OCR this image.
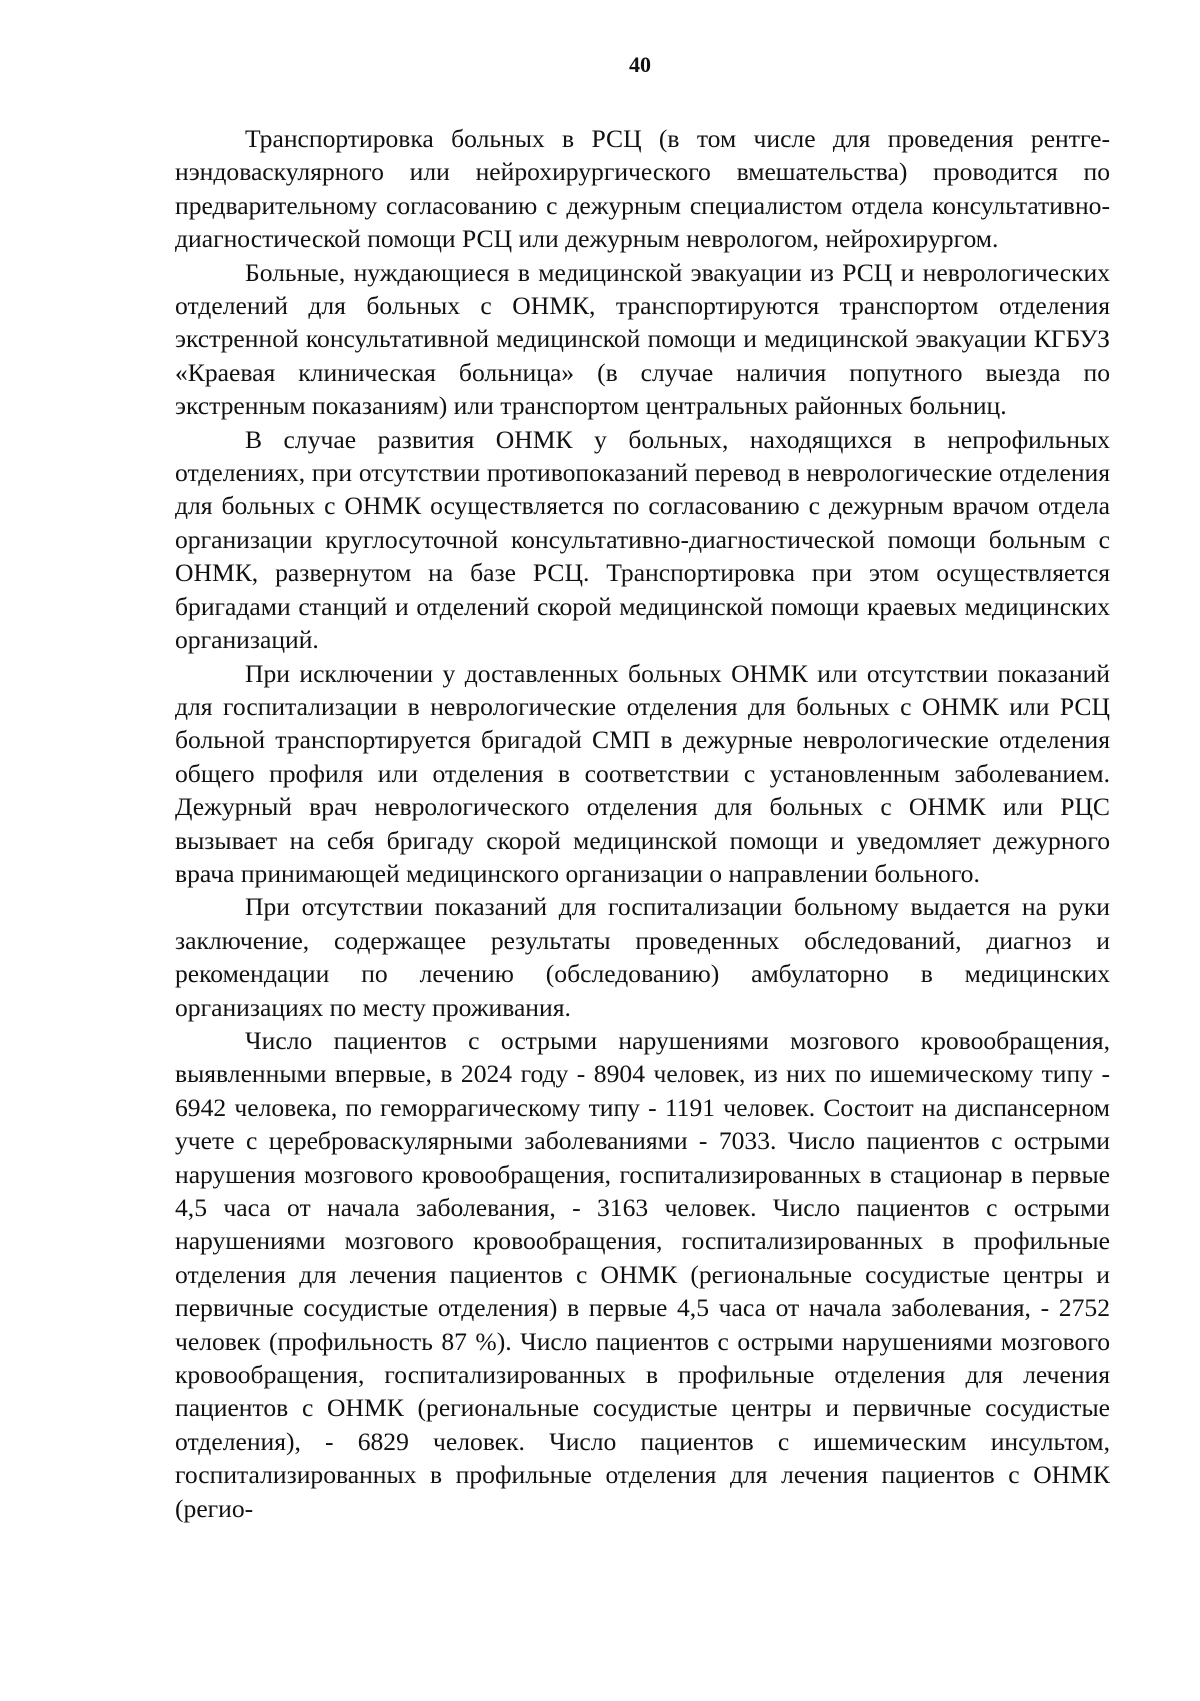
40

Транспортировка больных в РСЦ (в том числе для проведения рентгенэндоваскулярного или нейрохирургического вмешательства) проводится по предварительному согласованию с дежурным специалистом отдела консультативно-диагностической помощи РСЦ или дежурным неврологом, нейрохирургом.

Больные, нуждающиеся в медицинской эвакуации из РСЦ и неврологических отделений для больных с ОНМК, транспортируются транспортом отделения экстренной консультативной медицинской помощи и медицинской эвакуации КГБУЗ «Краевая клиническая больница» (в случае наличия попутного выезда по экстренным показаниям) или транспортом центральных районных больниц.

В случае развития ОНМК у больных, находящихся в непрофильных отделениях, при отсутствии противопоказаний перевод в неврологические отделения для больных с ОНМК осуществляется по согласованию с дежурным врачом отдела организации круглосуточной консультативно-диагностической помощи больным с ОНМК, развернутом на базе РСЦ. Транспортировка при этом осуществляется бригадами станций и отделений скорой медицинской помощи краевых медицинских организаций.

При исключении у доставленных больных ОНМК или отсутствии показаний для госпитализации в неврологические отделения для больных с ОНМК или РСЦ больной транспортируется бригадой СМП в дежурные неврологические отделения общего профиля или отделения в соответствии с установленным заболеванием. Дежурный врач неврологического отделения для больных с ОНМК или РЦС вызывает на себя бригаду скорой медицинской помощи и уведомляет дежурного врача принимающей медицинского организации о направлении больного.

При отсутствии показаний для госпитализации больному выдается на руки заключение, содержащее результаты проведенных обследований, диагноз и рекомендации по лечению (обследованию) амбулаторно в медицинских организациях по месту проживания.

Число пациентов с острыми нарушениями мозгового кровообращения, выявленными впервые, в 2024 году - 8904 человек, из них по ишемическому типу - 6942 человека, по геморрагическому типу - 1191 человек. Состоит на диспансерном учете с цереброваскулярными заболеваниями - 7033. Число пациентов с острыми нарушения мозгового кровообращения, госпитализированных в стационар в первые 4,5 часа от начала заболевания, - 3163 человек. Число пациентов с острыми нарушениями мозгового кровообращения, госпитализированных в профильные отделения для лечения пациентов с ОНМК (региональные сосудистые центры и первичные сосудистые отделения) в первые 4,5 часа от начала заболевания, - 2752 человек (профильность 87 %). Число пациентов с острыми нарушениями мозгового кровообращения, госпитализированных в профильные отделения для лечения пациентов с ОНМК (региональные сосудистые центры и первичные сосудистые отделения), - 6829 человек. Число пациентов с ишемическим инсультом, госпитализированных в профильные отделения для лечения пациентов с ОНМК (регио-
